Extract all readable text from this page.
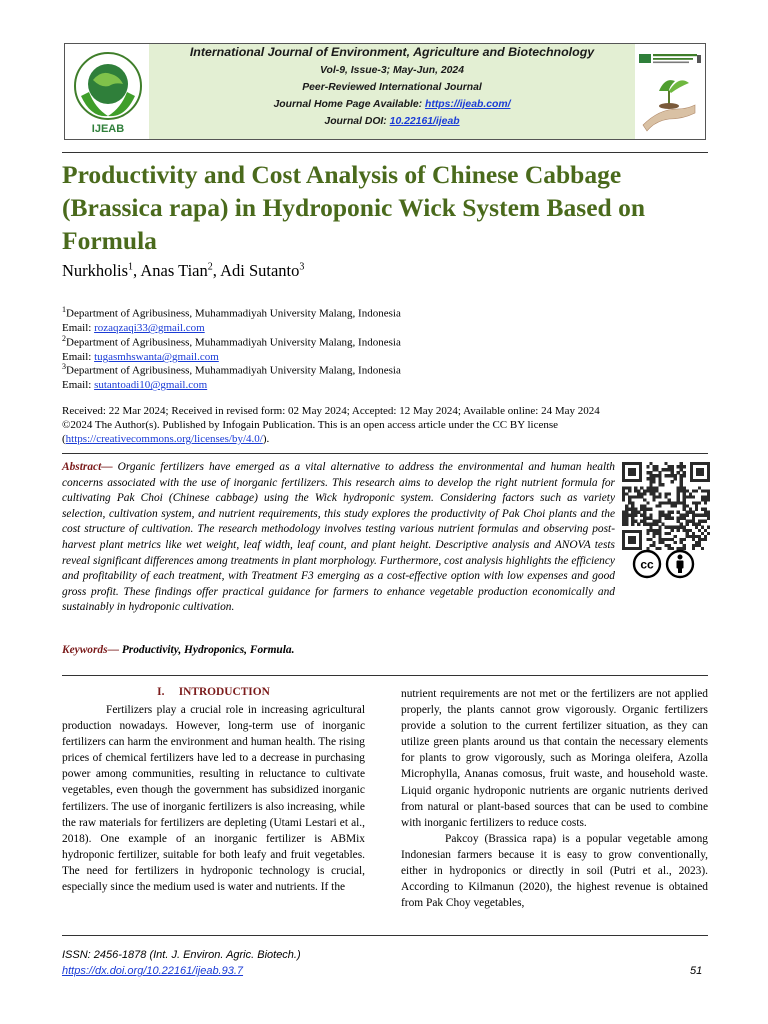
IJEAB
International Journal of Environment, Agriculture and Biotechnology
Vol-9, Issue-3; May-Jun, 2024
Peer-Reviewed International Journal
Journal Home Page Available: https://ijeab.com/
Journal DOI: 10.22161/ijeab
Productivity and Cost Analysis of Chinese Cabbage
(Brassica rapa) in Hydroponic Wick System Based on
Formula
Nurkholis$^1$, Anas Tian$^2$, Adi Sutanto$^3$
$^1$Department of Agribusiness, Muhammadiyah University Malang, Indonesia
Email: rozaqzaqi33@gmail.com
$^2$Department of Agribusiness, Muhammadiyah University Malang, Indonesia
Email: tugasmhswanta@gmail.com
$^3$Department of Agribusiness, Muhammadiyah University Malang, Indonesia
Email: sutantoadi10@gmail.com
Received: 22 Mar 2024; Received in revised form: 02 May 2024; Accepted: 12 May 2024; Available online: 24 May 2024
©2024 The Author(s). Published by Infogain Publication. This is an open access article under the CC BY license
(https://creativecommons.org/licenses/by/4.0/).
Abstract— Organic fertilizers have emerged as a vital alternative to address the environmental and human health concerns associated with the use of inorganic fertilizers. This research aims to develop the right nutrient formula for cultivating Pak Choi (Chinese cabbage) using the Wick hydroponic system. Considering factors such as variety selection, cultivation system, and nutrient requirements, this study explores the productivity of Pak Choi plants and the cost structure of cultivation. The research methodology involves testing various nutrient formulas and observing post-harvest plant metrics like wet weight, leaf width, leaf count, and plant height. Descriptive analysis and ANOVA tests reveal significant differences among treatments in plant morphology. Furthermore, cost analysis highlights the efficiency and profitability of each treatment, with Treatment F3 emerging as a cost-effective option with low expenses and good gross profit. These findings offer practical guidance for farmers to enhance vegetable production economically and sustainably in hydroponic cultivation.
Keywords— Productivity, Hydroponics, Formula.
cc
I.     INTRODUCTION
Fertilizers play a crucial role in increasing agricultural production nowadays. However, long-term use of inorganic fertilizers can harm the environment and human health. The rising prices of chemical fertilizers have led to a decrease in purchasing power among communities, resulting in reluctance to cultivate vegetables, even though the government has subsidized inorganic fertilizers. The use of inorganic fertilizers is also increasing, while the raw materials for fertilizers are depleting (Utami Lestari et al., 2018). One example of an inorganic fertilizer is ABMix hydroponic fertilizer, suitable for both leafy and fruit vegetables. The need for fertilizers in hydroponic technology is crucial, especially since the medium used is water and nutrients. If the
nutrient requirements are not met or the fertilizers are not applied properly, the plants cannot grow vigorously. Organic fertilizers provide a solution to the current fertilizer situation, as they can utilize green plants around us that contain the necessary elements for plants to grow vigorously, such as Moringa oleifera, Azolla Microphylla, Ananas comosus, fruit waste, and household waste. Liquid organic hydroponic nutrients are organic nutrients derived from natural or plant-based sources that can be used to combine with inorganic fertilizers to reduce costs.
Pakcoy (Brassica rapa) is a popular vegetable among Indonesian farmers because it is easy to grow conventionally, either in hydroponics or directly in soil (Putri et al., 2023). According to Kilmanun (2020), the highest revenue is obtained from Pak Choy vegetables,
ISSN: 2456-1878 (Int. J. Environ. Agric. Biotech.)
https://dx.doi.org/10.22161/ijeab.93.7	51
